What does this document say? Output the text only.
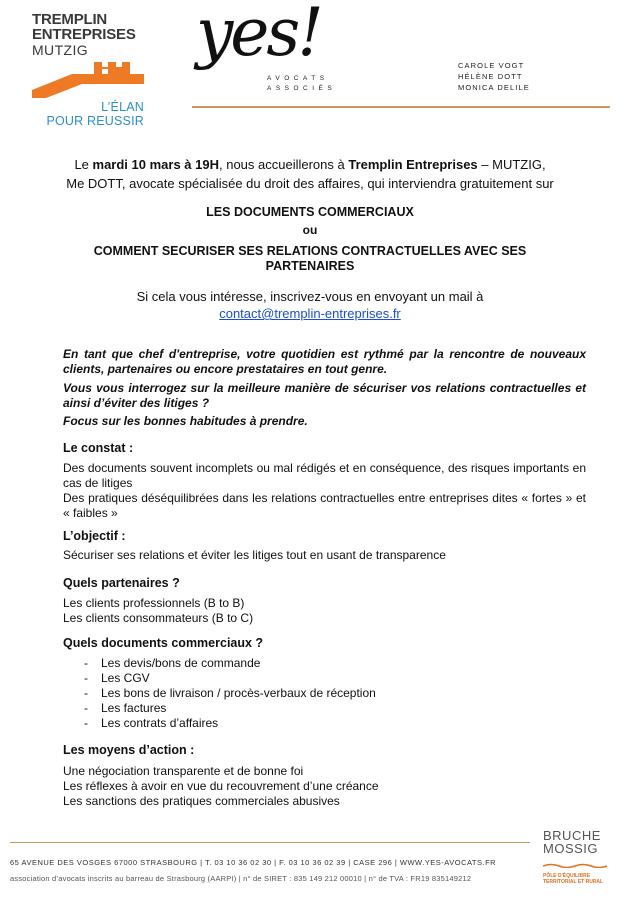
TREMPLIN
ENTREPRISES
MUTZIG
L’ÉLAN
POUR REUSSIR
yes!
AVOCATS
ASSOCIÉS
CAROLE VOGT
HÉLÈNE DOTT
MONICA DELILE
Le mardi 10 mars à 19H, nous accueillerons à Tremplin Entreprises – MUTZIG,
Me DOTT, avocate spécialisée du droit des affaires, qui interviendra gratuitement sur
LES DOCUMENTS COMMERCIAUX
ou
COMMENT SECURISER SES RELATIONS CONTRACTUELLES AVEC SES
PARTENAIRES
Si cela vous intéresse, inscrivez-vous en envoyant un mail à
contact@tremplin-entreprises.fr

En tant que chef d'entreprise, votre quotidien est rythmé par la rencontre de nouveaux clients, partenaires ou encore prestataires en tout genre.

Vous vous interrogez sur la meilleure manière de sécuriser vos relations contractuelles et ainsi d’éviter des litiges ?

Focus sur les bonnes habitudes à prendre.

Le constat :

Des documents souvent incomplets ou mal rédigés et en conséquence, des risques importants en cas de litiges

Des pratiques déséquilibrées dans les relations contractuelles entre entreprises dites « fortes » et « faibles »

L’objectif :

Sécuriser ses relations et éviter les litiges tout en usant de transparence

Quels partenaires ?
Les clients professionnels (B to B)
Les clients consommateurs (B to C)
Quels documents commerciaux ?
- Les devis/bons de commande
- Les CGV
- Les bons de livraison / procès-verbaux de réception
- Les factures
- Les contrats d’affaires
Les moyens d’action :
Une négociation transparente et de bonne foi
Les réflexes à avoir en vue du recouvrement d’une créance
Les sanctions des pratiques commerciales abusives
65 AVENUE DES VOSGES 67000 STRASBOURG | T. 03 10 36 02 30 | F. 03 10 36 02 39 | CASE 296 | WWW.YES-AVOCATS.FR
association d’avocats inscrits au barreau de Strasbourg (AARPI) | n° de SIRET : 835 149 212 00010 | n° de TVA : FR19 835149212
BRUCHE
MOSSIG
PÔLE D'ÉQUILIBRE
TERRITORIAL ET RURAL
